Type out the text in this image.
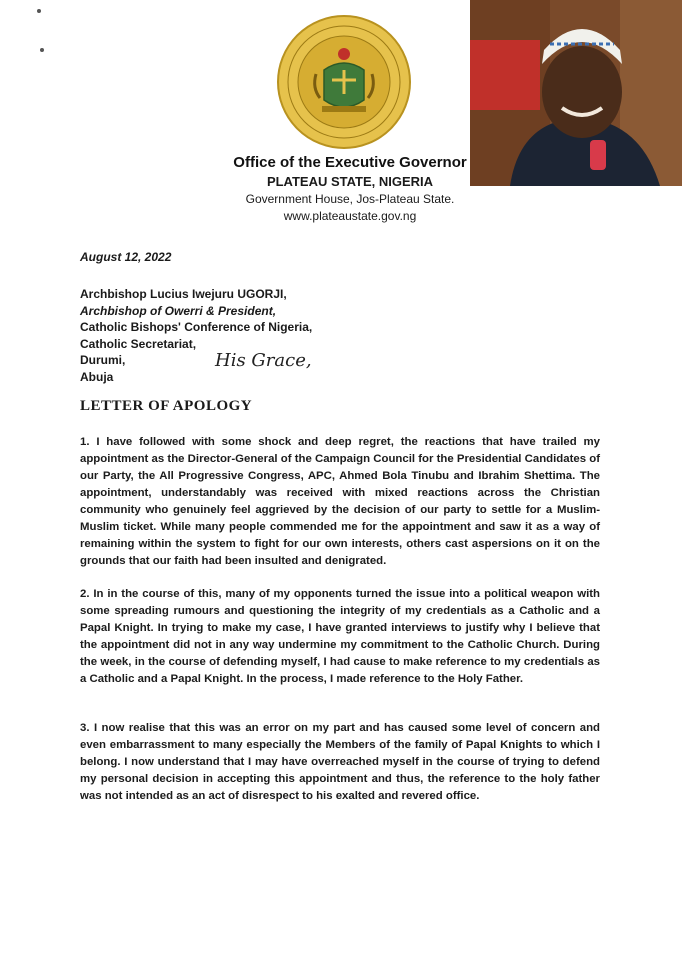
Office of the Executive Governor
PLATEAU STATE, NIGERIA
Government House, Jos-Plateau State.
www.plateaustate.gov.ng
August 12, 2022
Archbishop Lucius Iwejuru UGORJI,
Archbishop of Owerri & President,
Catholic Bishops' Conference of Nigeria,
Catholic Secretariat,
Durumi,
Abuja
His Grace,
LETTER OF APOLOGY
1. I have followed with some shock and deep regret, the reactions that have trailed my appointment as the Director-General of the Campaign Council for the Presidential Candidates of our Party, the All Progressive Congress, APC, Ahmed Bola Tinubu and Ibrahim Shettima. The appointment, understandably was received with mixed reactions across the Christian community who genuinely feel aggrieved by the decision of our party to settle for a Muslim-Muslim ticket. While many people commended me for the appointment and saw it as a way of remaining within the system to fight for our own interests, others cast aspersions on it on the grounds that our faith had been insulted and denigrated.
2. In in the course of this, many of my opponents turned the issue into a political weapon with some spreading rumours and questioning the integrity of my credentials as a Catholic and a Papal Knight. In trying to make my case, I have granted interviews to justify why I believe that the appointment did not in any way undermine my commitment to the Catholic Church. During the week, in the course of defending myself, I had cause to make reference to my credentials as a Catholic and a Papal Knight. In the process, I made reference to the Holy Father.
3. I now realise that this was an error on my part and has caused some level of concern and even embarrassment to many especially the Members of the family of Papal Knights to which I belong. I now understand that I may have overreached myself in the course of trying to defend my personal decision in accepting this appointment and thus, the reference to the holy father was not intended as an act of disrespect to his exalted and revered office.
